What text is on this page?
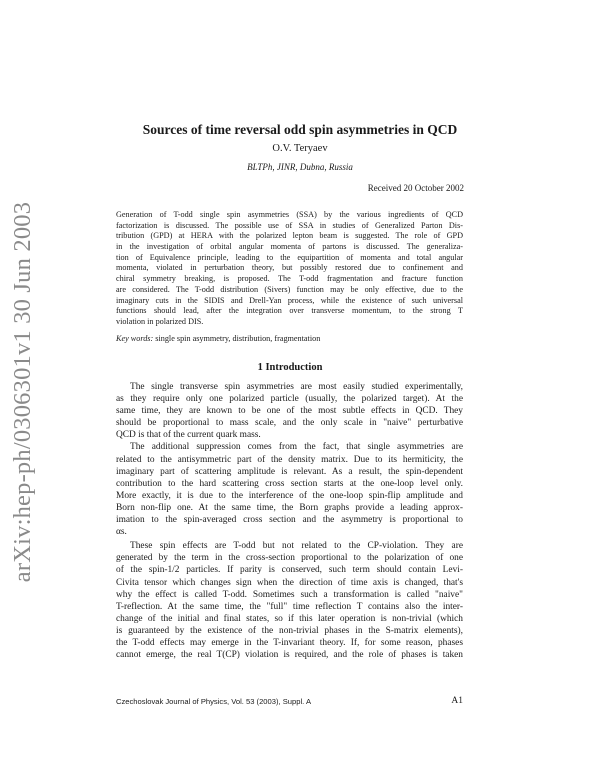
arXiv:hep-ph/0306301v1 30 Jun 2003
Sources of time reversal odd spin asymmetries in QCD
O.V. Teryaev
BLTPh, JINR, Dubna, Russia
Received 20 October 2002
Generation of T-odd single spin asymmetries (SSA) by the various ingredients of QCD
factorization is discussed. The possible use of SSA in studies of Generalized Parton Dis-
tribution (GPD) at HERA with the polarized lepton beam is suggested. The role of GPD
in the investigation of orbital angular momenta of partons is discussed. The generaliza-
tion of Equivalence principle, leading to the equipartition of momenta and total angular
momenta, violated in perturbation theory, but possibly restored due to confinement and
chiral symmetry breaking, is proposed. The T-odd fragmentation and fracture function
are considered. The T-odd distribution (Sivers) function may be only effective, due to the
imaginary cuts in the SIDIS and Drell-Yan process, while the existence of such universal
functions should lead, after the integration over transverse momentum, to the strong T
violation in polarized DIS.
Key words: single spin asymmetry, distribution, fragmentation
1 Introduction
The single transverse spin asymmetries are most easily studied experimentally,
as they require only one polarized particle (usually, the polarized target). At the
same time, they are known to be one of the most subtle effects in QCD. They
should be proportional to mass scale, and the only scale in "naive" perturbative
QCD is that of the current quark mass.
The additional suppression comes from the fact, that single asymmetries are
related to the antisymmetric part of the density matrix. Due to its hermiticity, the
imaginary part of scattering amplitude is relevant. As a result, the spin-dependent
contribution to the hard scattering cross section starts at the one-loop level only.
More exactly, it is due to the interference of the one-loop spin-flip amplitude and
Born non-flip one. At the same time, the Born graphs provide a leading approx-
imation to the spin-averaged cross section and the asymmetry is proportional to
αs.
These spin effects are T-odd but not related to the CP-violation. They are
generated by the term in the cross-section proportional to the polarization of one
of the spin-1/2 particles. If parity is conserved, such term should contain Levi-
Civita tensor which changes sign when the direction of time axis is changed, that's
why the effect is called T-odd. Sometimes such a transformation is called "naive"
T-reflection. At the same time, the "full" time reflection T contains also the inter-
change of the initial and final states, so if this later operation is non-trivial (which
is guaranteed by the existence of the non-trivial phases in the S-matrix elements),
the T-odd effects may emerge in the T-invariant theory. If, for some reason, phases
cannot emerge, the real T(CP) violation is required, and the role of phases is taken
Czechoslovak Journal of Physics, Vol. 53 (2003), Suppl. A	A1
